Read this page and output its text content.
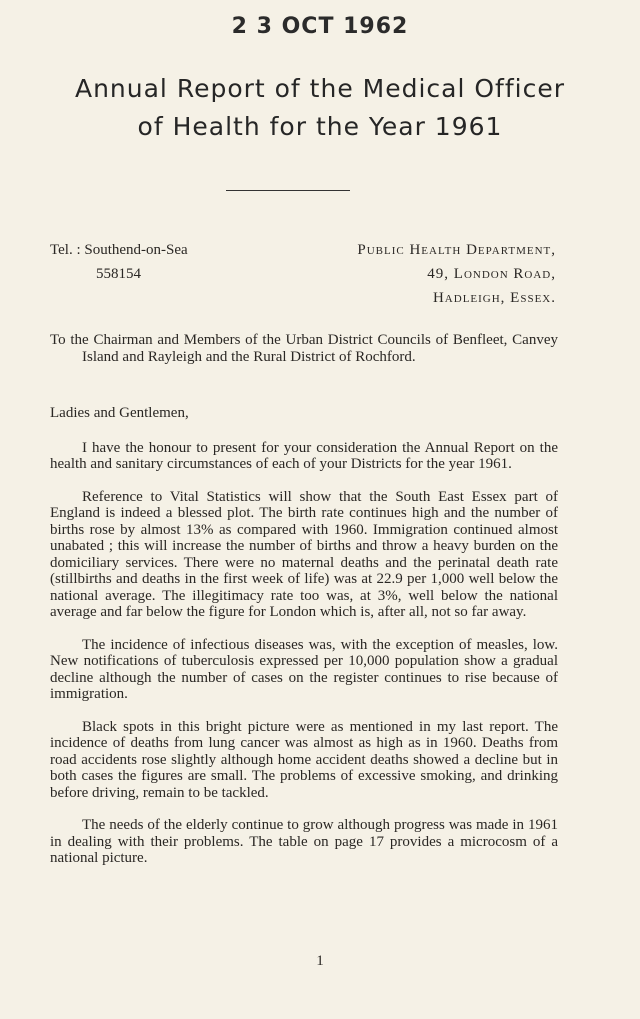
2 3 OCT 1962
Annual Report of the Medical Officer
of Health for the Year 1961
Tel. : Southend-on-Sea
558154
Public Health Department,
49, London Road,
Hadleigh, Essex.

To the Chairman and Members of the Urban District Councils of Benfleet, Canvey Island and Rayleigh and the Rural District of Rochford.

Ladies and Gentlemen,

I have the honour to present for your consideration the Annual Report on the health and sanitary circumstances of each of your Districts for the year 1961.

Reference to Vital Statistics will show that the South East Essex part of England is indeed a blessed plot. The birth rate continues high and the number of births rose by almost 13% as compared with 1960. Immigration continued almost unabated ; this will increase the number of births and throw a heavy burden on the domiciliary services. There were no maternal deaths and the perinatal death rate (stillbirths and deaths in the first week of life) was at 22.9 per 1,000 well below the national average. The illegitimacy rate too was, at 3%, well below the national average and far below the figure for London which is, after all, not so far away.

The incidence of infectious diseases was, with the exception of measles, low. New notifications of tuberculosis expressed per 10,000 population show a gradual decline although the number of cases on the register continues to rise because of immigration.

Black spots in this bright picture were as mentioned in my last report. The incidence of deaths from lung cancer was almost as high as in 1960. Deaths from road accidents rose slightly although home accident deaths showed a decline but in both cases the figures are small. The problems of excessive smoking, and drinking before driving, remain to be tackled.

The needs of the elderly continue to grow although progress was made in 1961 in dealing with their problems. The table on page 17 provides a microcosm of a national picture.

1
